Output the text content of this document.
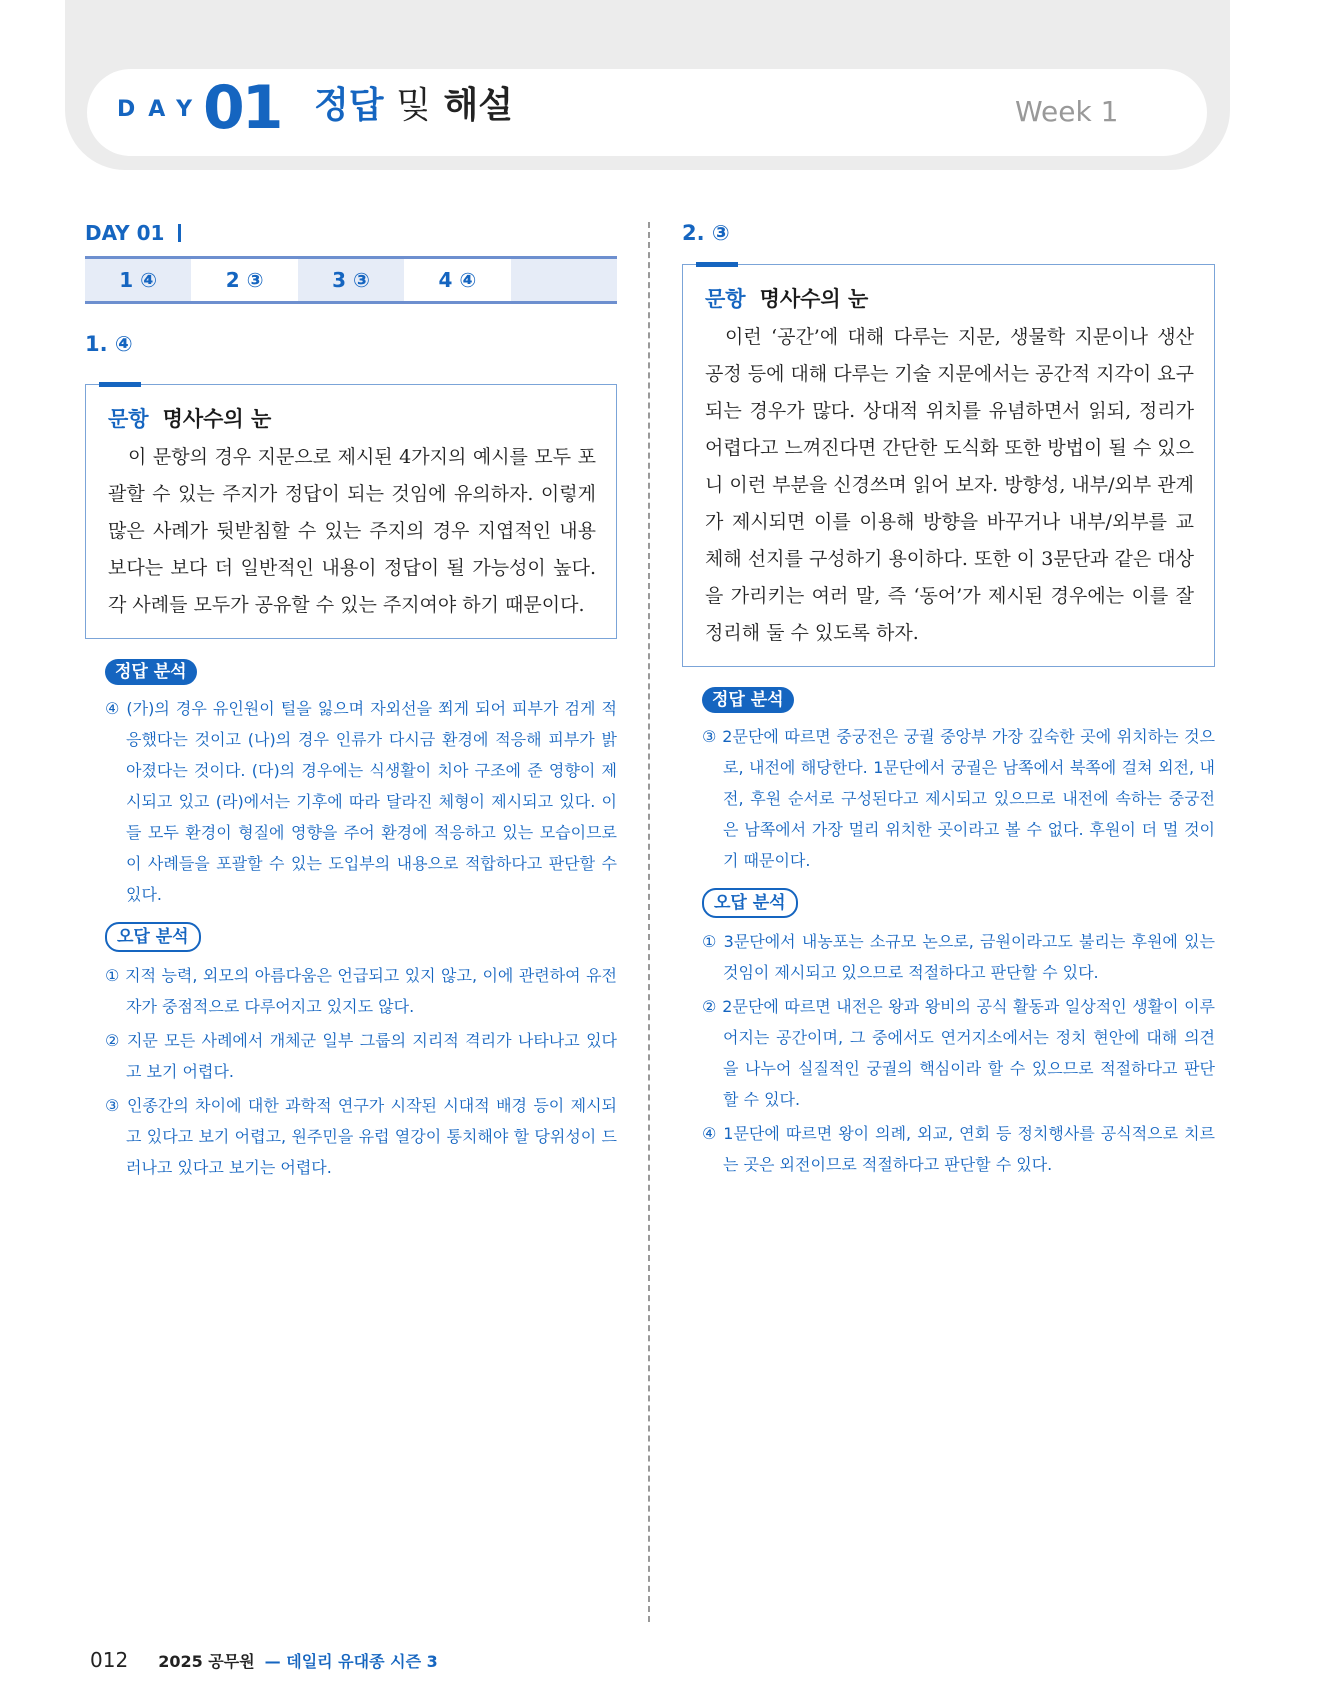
DAY
01 정답 및 해설	Week 1
DAY 01
1 ④	2 ③	3 ③	4 ④
1. ④
문항 명사수의 눈
이 문항의 경우 지문으로 제시된 4가지의 예시를 모두 포괄할 수 있는 주지가 정답이 되는 것임에 유의하자. 이렇게 많은 사례가 뒷받침할 수 있는 주지의 경우 지엽적인 내용보다는 보다 더 일반적인 내용이 정답이 될 가능성이 높다. 각 사례들 모두가 공유할 수 있는 주지여야 하기 때문이다.
정답 분석
④ (가)의 경우 유인원이 털을 잃으며 자외선을 쬐게 되어 피부가 검게 적응했다는 것이고 (나)의 경우 인류가 다시금 환경에 적응해 피부가 밝아졌다는 것이다. (다)의 경우에는 식생활이 치아 구조에 준 영향이 제시되고 있고 (라)에서는 기후에 따라 달라진 체형이 제시되고 있다. 이들 모두 환경이 형질에 영향을 주어 환경에 적응하고 있는 모습이므로 이 사례들을 포괄할 수 있는 도입부의 내용으로 적합하다고 판단할 수 있다.
오답 분석
① 지적 능력, 외모의 아름다움은 언급되고 있지 않고, 이에 관련하여 유전자가 중점적으로 다루어지고 있지도 않다.
② 지문 모든 사례에서 개체군 일부 그룹의 지리적 격리가 나타나고 있다고 보기 어렵다.
③ 인종간의 차이에 대한 과학적 연구가 시작된 시대적 배경 등이 제시되고 있다고 보기 어렵고, 원주민을 유럽 열강이 통치해야 할 당위성이 드러나고 있다고 보기는 어렵다.
2. ③
문항 명사수의 눈
이런 ‘공간’에 대해 다루는 지문, 생물학 지문이나 생산 공정 등에 대해 다루는 기술 지문에서는 공간적 지각이 요구되는 경우가 많다. 상대적 위치를 유념하면서 읽되, 정리가 어렵다고 느껴진다면 간단한 도식화 또한 방법이 될 수 있으니 이런 부분을 신경쓰며 읽어 보자. 방향성, 내부/외부 관계가 제시되면 이를 이용해 방향을 바꾸거나 내부/외부를 교체해 선지를 구성하기 용이하다. 또한 이 3문단과 같은 대상을 가리키는 여러 말, 즉 ‘동어’가 제시된 경우에는 이를 잘 정리해 둘 수 있도록 하자.
정답 분석
③ 2문단에 따르면 중궁전은 궁궐 중앙부 가장 깊숙한 곳에 위치하는 것으로, 내전에 해당한다. 1문단에서 궁궐은 남쪽에서 북쪽에 걸쳐 외전, 내전, 후원 순서로 구성된다고 제시되고 있으므로 내전에 속하는 중궁전은 남쪽에서 가장 멀리 위치한 곳이라고 볼 수 없다. 후원이 더 멀 것이기 때문이다.
오답 분석
① 3문단에서 내농포는 소규모 논으로, 금원이라고도 불리는 후원에 있는 것임이 제시되고 있으므로 적절하다고 판단할 수 있다.
② 2문단에 따르면 내전은 왕과 왕비의 공식 활동과 일상적인 생활이 이루어지는 공간이며, 그 중에서도 연거지소에서는 정치 현안에 대해 의견을 나누어 실질적인 궁궐의 핵심이라 할 수 있으므로 적절하다고 판단할 수 있다.
④ 1문단에 따르면 왕이 의례, 외교, 연회 등 정치행사를 공식적으로 치르는 곳은 외전이므로 적절하다고 판단할 수 있다.
012 2025 공무원 — 데일리 유대종 시즌 3
